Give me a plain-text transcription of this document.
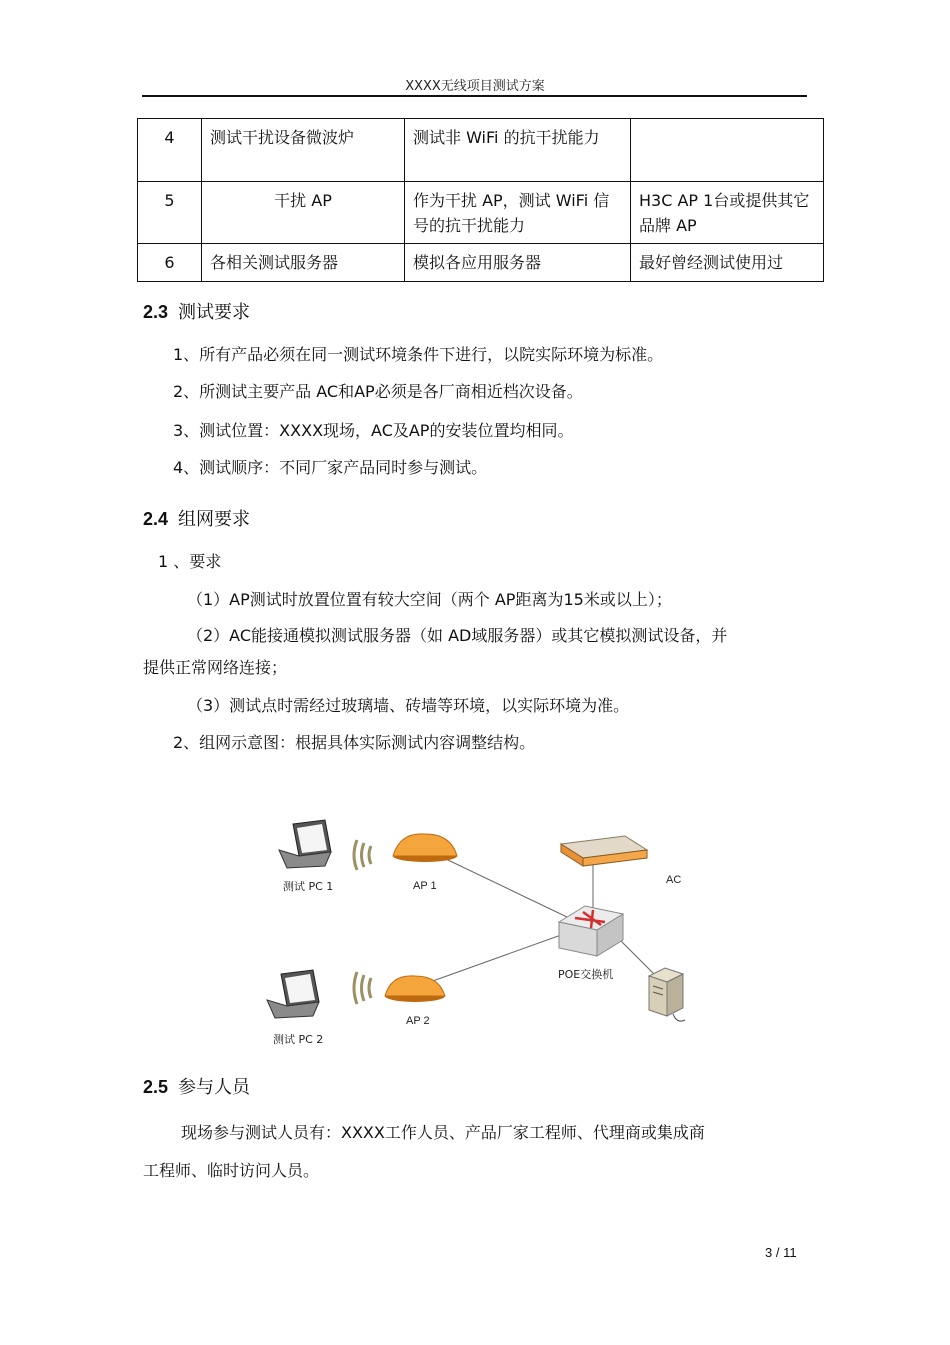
XXXX无线项目测试方案
4	测试干扰设备微波炉	测试非 WiFi 的抗干扰能力	
5	干扰 AP	作为干扰 AP，测试 WiFi 信号的抗干扰能力	H3C AP 1台或提供其它品牌 AP
6	各相关测试服务器	模拟各应用服务器	最好曾经测试使用过
2.3 测试要求
1、所有产品必须在同一测试环境条件下进行，以院实际环境为标准。
2、所测试主要产品 AC和AP必须是各厂商相近档次设备。
3、测试位置：XXXX现场，AC及AP的安装位置均相同。
4、测试顺序：不同厂家产品同时参与测试。
2.4 组网要求
1 、要求
（1）AP测试时放置位置有较大空间（两个 AP距离为15米或以上）；
（2）AC能接通模拟测试服务器（如 AD域服务器）或其它模拟测试设备，并
提供正常网络连接；
（3）测试点时需经过玻璃墙、砖墙等环境，以实际环境为准。
2、组网示意图：根据具体实际测试内容调整结构。
AP 1
测试 PC 1	AC
POE交换机
AP 2
测试 PC 2
2.5 参与人员
现场参与测试人员有：XXXX工作人员、产品厂家工程师、代理商或集成商
工程师、临时访问人员。
3 / 11
